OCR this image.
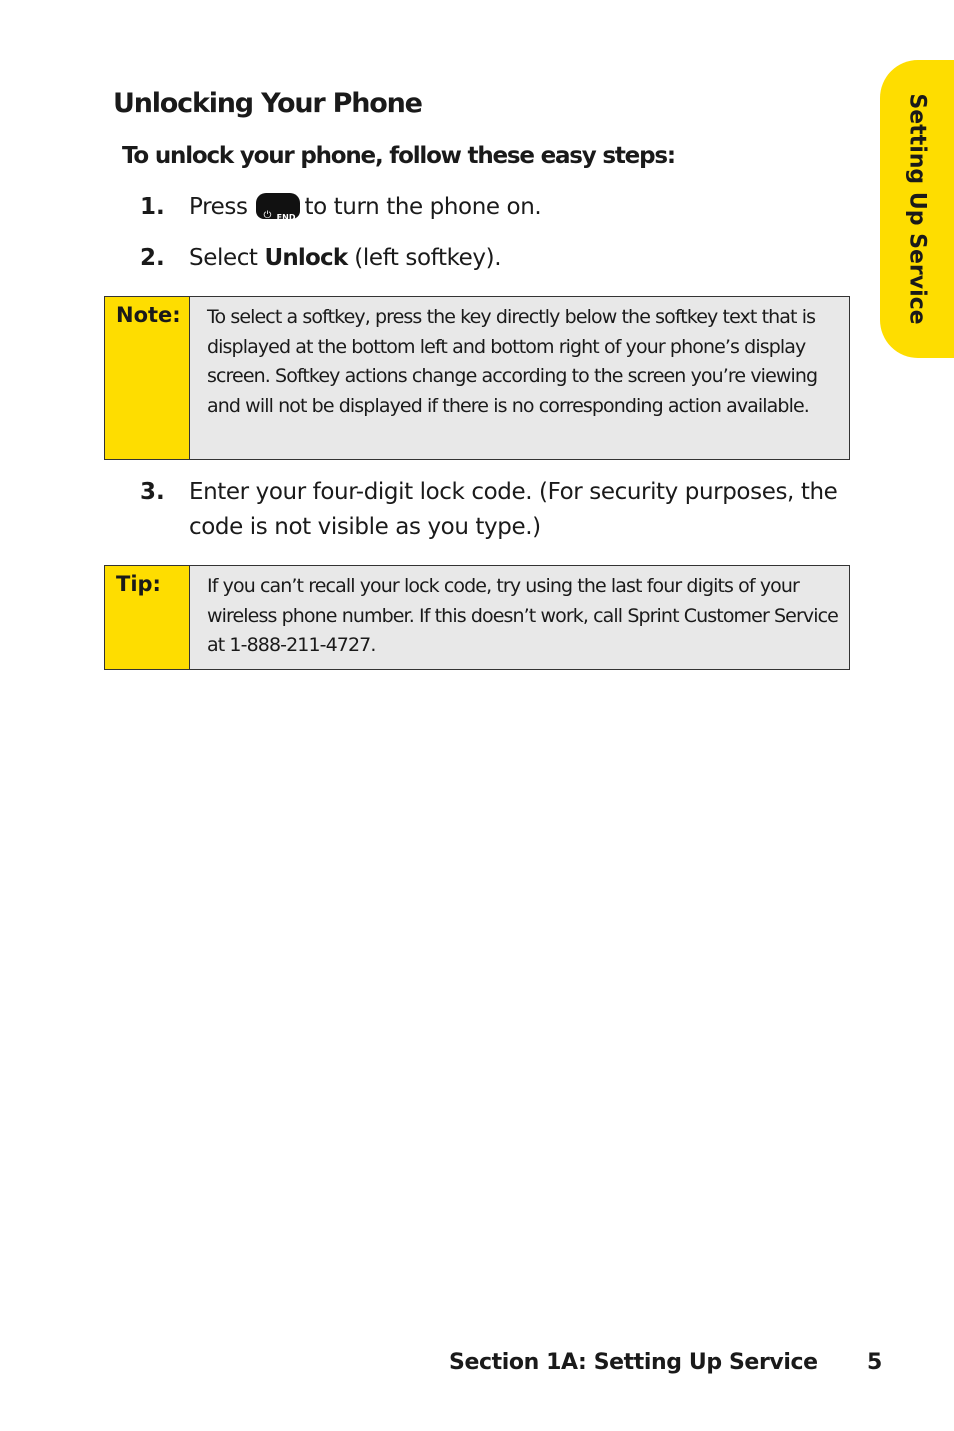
Setting Up Service
Unlocking Your Phone
To unlock your phone, follow these easy steps:
1. Press ⏻ END to turn the phone on.
2. Select Unlock (left softkey).
Note:	To select a softkey, press the key directly below the softkey text that is displayed at the bottom left and bottom right of your phone’s display screen. Softkey actions change according to the screen you’re viewing and will not be displayed if there is no corresponding action available.
3. Enter your four-digit lock code. (For security purposes, the code is not visible as you type.)
Tip:	If you can’t recall your lock code, try using the last four digits of your wireless phone number. If this doesn’t work, call Sprint Customer Service at 1-888-211-4727.
Section 1A: Setting Up Service 5
